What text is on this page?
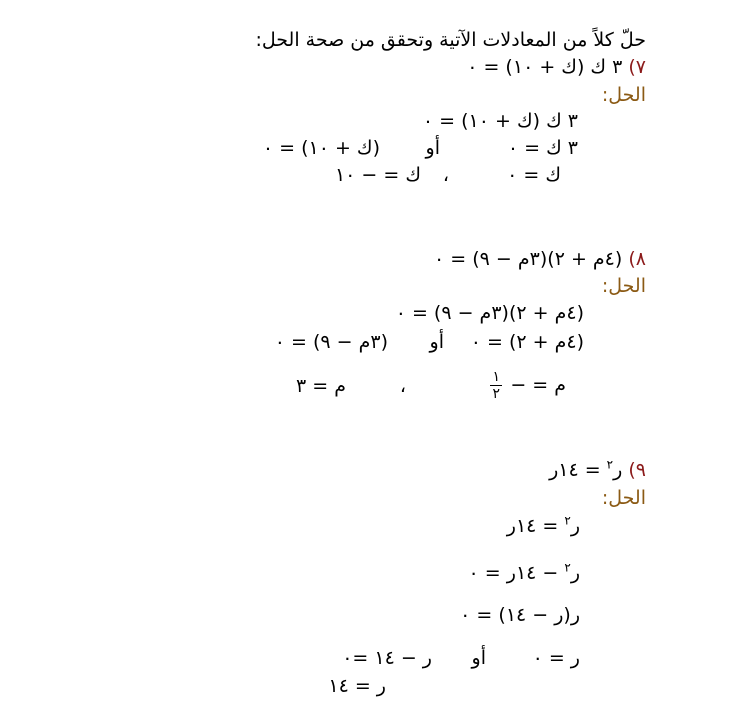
حلّ كلاً من المعادلات الآتية وتحقق من صحة الحل:
٧) ٣ ك (ك + ١٠) = ٠
الحل:
٣ ك (ك + ١٠) = ٠
٣ ك = ٠
أو
(ك + ١٠) = ٠
ك = ٠
،
ك = − ١٠
٨) (٤م + ٢)(٣م − ٩) = ٠
الحل:
(٤م + ٢)(٣م − ٩) = ٠
(٤م + ٢) = ٠
أو
(٣م − ٩) = ٠
م = −
$\frac{١}{٢}$
،
م = ٣
٩) ر$^٢$ = ١٤ر
الحل:
ر$^٢$ = ١٤ر
ر$^٢$ − ١٤ر = ٠
ر(ر − ١٤) = ٠
ر = ٠
أو
ر − ١٤ =٠
ر = ١٤
